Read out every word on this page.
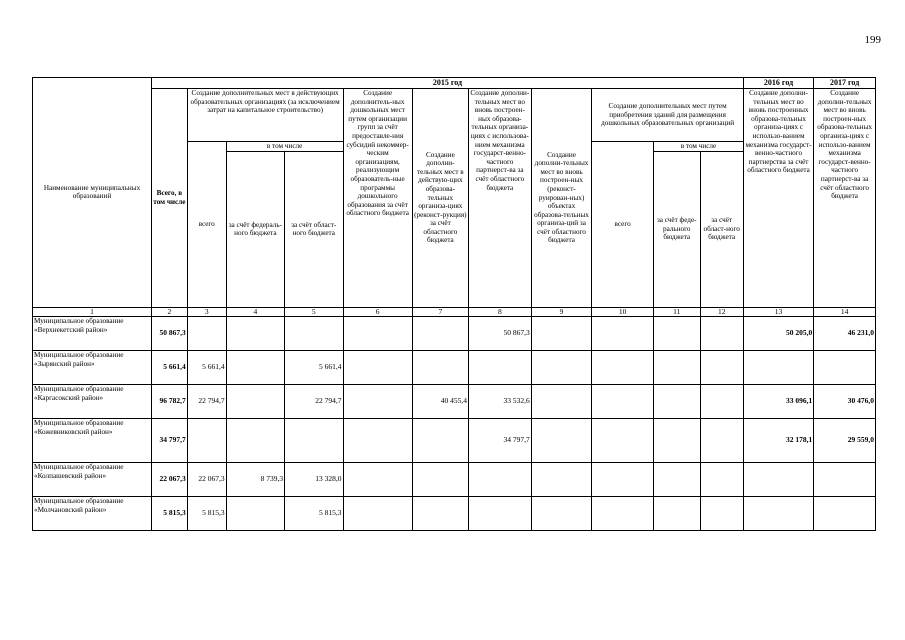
199
Наименование муниципальных образований	2015 год											2016 год	2017 год
	Всего, в том числе	Создание дополнительных мест в действующих образовательных организациях (за исключением затрат на капитальное строительство)			Создание дополнитель-ных дошкольных мест путем организации групп за счёт предоставле-ния субсидий некоммер-ческим организациям, реализующим образователь-ные программы дошкольного образования за счёт областного бюджета	Создание дополни-тельных мест в действую-щих образова-тельных организа-циях (реконст-рукция) за счёт областного бюджета	Создание дополни-тельных мест во вновь построен-ных образова-тельных организа-циях с использова-нием механизма государст-венно-частного партнерст-ва за счёт областного бюджета	Создание дополни-тельных мест во вновь построен-ных (реконст-руирован-ных) объектах образова-тельных организа-ций за счёт областного бюджета	Создание дополнительных мест путем приобретения зданий для размещения дошкольных образовательных организаций			Создание дополни-тельных мест во вновь построенных образова-тельных организа-циях с использо-ванием механизма государст-венно-частного партнерства за счёт областного бюджета	Создание дополни-тельных мест во вновь построен-ных образова-тельных организа-циях с использо-ванием механизма государст-венно-частного партнерст-ва за счёт областного бюджета
		всего	в том числе						всего	в том числе			
			за счёт федераль-ного бюджета	за счёт област-ного бюджета						за счёт феде-рального бюджета	за счёт област-ного бюджета		
1	2	3	4	5	6	7	8	9	10	11	12	13	14
Муниципальное образование «Верхнекетский район»	50 867,3						50 867,3					50 205,0	46 231,0
Муниципальное образование «Зырянский район»	5 661,4	5 661,4		5 661,4									
Муниципальное образование «Каргасокский район»	96 782,7	22 794,7		22 794,7		40 455,4	33 532,6					33 096,1	30 476,0
Муниципальное образование «Кожевниковский район»	34 797,7						34 797,7					32 178,1	29 559,0
Муниципальное образование «Колпашевский район»	22 067,3	22 067,3	8 739,3	13 328,0									
Муниципальное образование «Молчановский район»	5 815,3	5 815,3		5 815,3									
